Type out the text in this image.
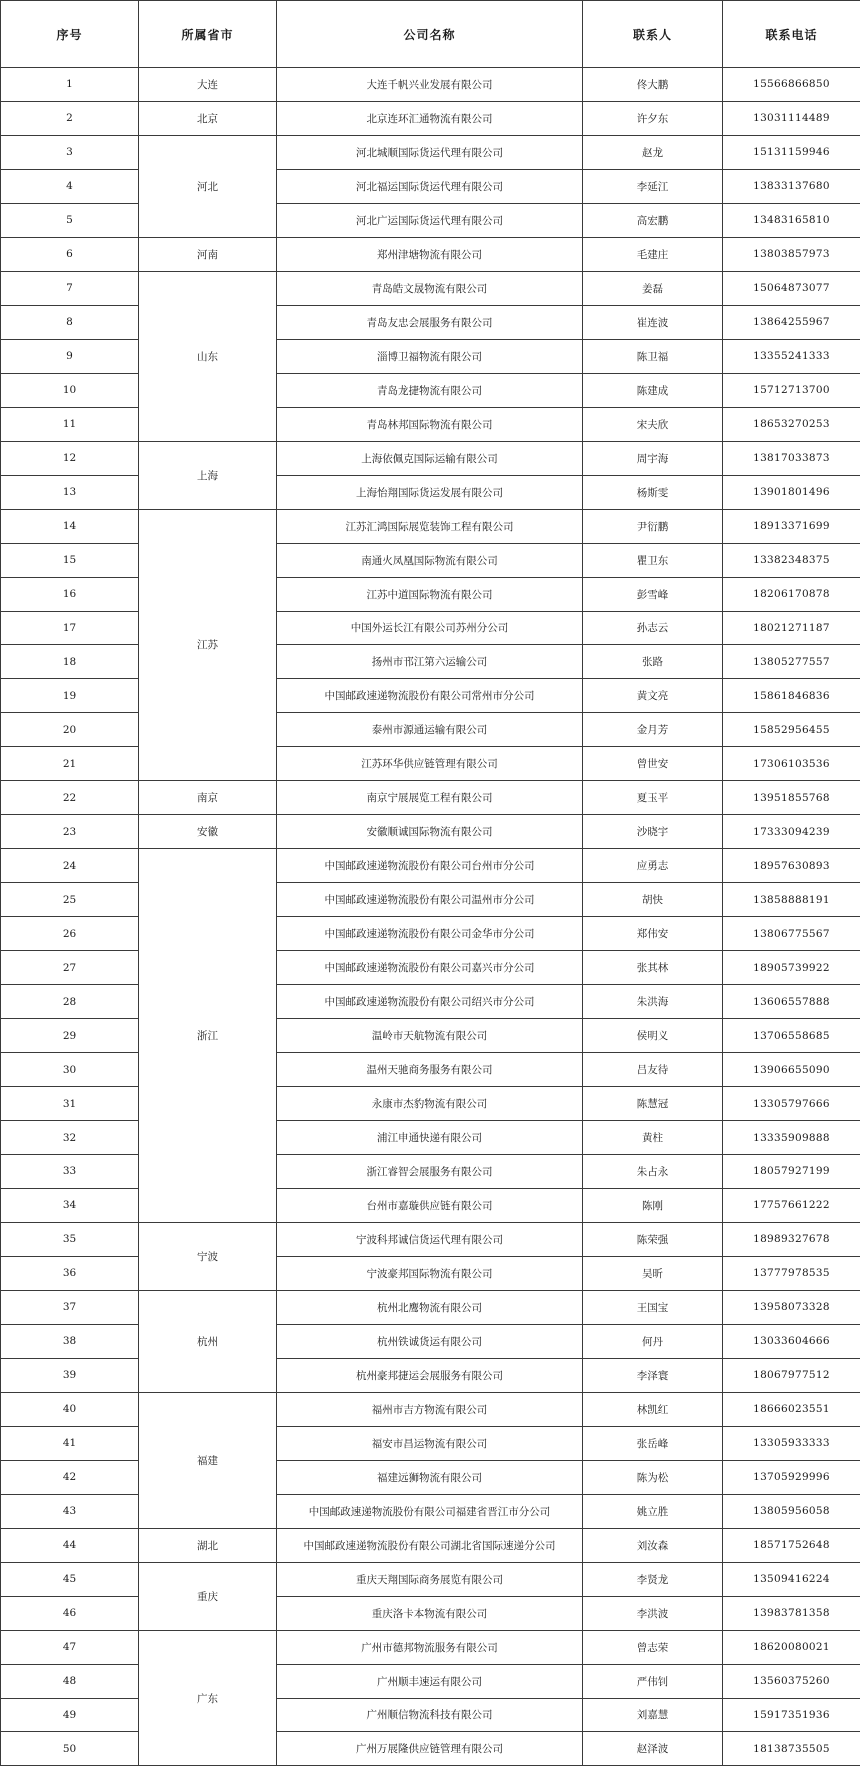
序号	所属省市	公司名称	联系人	联系电话
1	大连	大连千帆兴业发展有限公司	佟大鹏	15566866850
2	北京	北京连环汇通物流有限公司	许夕东	13031114489
3	河北	河北城顺国际货运代理有限公司	赵龙	15131159946
4		河北福运国际货运代理有限公司	李延江	13833137680
5		河北广运国际货运代理有限公司	高宏鹏	13483165810
6	河南	郑州津塘物流有限公司	毛建庄	13803857973
7	山东	青岛皓文晟物流有限公司	姜磊	15064873077
8		青岛友忠会展服务有限公司	崔连波	13864255967
9		淄博卫福物流有限公司	陈卫福	13355241333
10		青岛龙捷物流有限公司	陈建成	15712713700
11		青岛林邦国际物流有限公司	宋夫欣	18653270253
12	上海	上海依佩克国际运输有限公司	周宇海	13817033873
13		上海怡翔国际货运发展有限公司	杨斯雯	13901801496
14	江苏	江苏汇鸿国际展览装饰工程有限公司	尹衍鹏	18913371699
15		南通火凤凰国际物流有限公司	瞿卫东	13382348375
16		江苏中道国际物流有限公司	彭雪峰	18206170878
17		中国外运长江有限公司苏州分公司	孙志云	18021271187
18		扬州市邗江第六运输公司	张路	13805277557
19		中国邮政速递物流股份有限公司常州市分公司	黄文亮	15861846836
20		泰州市源通运输有限公司	金月芳	15852956455
21		江苏环华供应链管理有限公司	曾世安	17306103536
22	南京	南京宁展展览工程有限公司	夏玉平	13951855768
23	安徽	安徽顺诚国际物流有限公司	沙晓宇	17333094239
24	浙江	中国邮政速递物流股份有限公司台州市分公司	应勇志	18957630893
25		中国邮政速递物流股份有限公司温州市分公司	胡快	13858888191
26		中国邮政速递物流股份有限公司金华市分公司	郑伟安	13806775567
27		中国邮政速递物流股份有限公司嘉兴市分公司	张其林	18905739922
28		中国邮政速递物流股份有限公司绍兴市分公司	朱洪海	13606557888
29		温岭市天航物流有限公司	侯明义	13706558685
30		温州天驰商务服务有限公司	吕友待	13906655090
31		永康市杰豹物流有限公司	陈慧冠	13305797666
32		浦江申通快递有限公司	黄柱	13335909888
33		浙江睿智会展服务有限公司	朱占永	18057927199
34		台州市嘉璇供应链有限公司	陈刚	17757661222
35	宁波	宁波科邦诚信货运代理有限公司	陈荣强	18989327678
36		宁波豪邦国际物流有限公司	吴昕	13777978535
37	杭州	杭州北鹰物流有限公司	王国宝	13958073328
38		杭州铁诚货运有限公司	何丹	13033604666
39		杭州豪邦捷运会展服务有限公司	李泽寰	18067977512
40	福建	福州市吉方物流有限公司	林凯红	18666023551
41		福安市昌运物流有限公司	张岳峰	13305933333
42		福建远狮物流有限公司	陈为松	13705929996
43		中国邮政速递物流股份有限公司福建省晋江市分公司	姚立胜	13805956058
44	湖北	中国邮政速递物流股份有限公司湖北省国际速递分公司	刘汝森	18571752648
45	重庆	重庆天翔国际商务展览有限公司	李贤龙	13509416224
46		重庆洛卡本物流有限公司	李洪波	13983781358
47	广东	广州市德邦物流服务有限公司	曾志荣	18620080021
48		广州顺丰速运有限公司	严伟钊	13560375260
49		广州顺信物流科技有限公司	刘嘉慧	15917351936
50		广州万展隆供应链管理有限公司	赵泽波	18138735505
